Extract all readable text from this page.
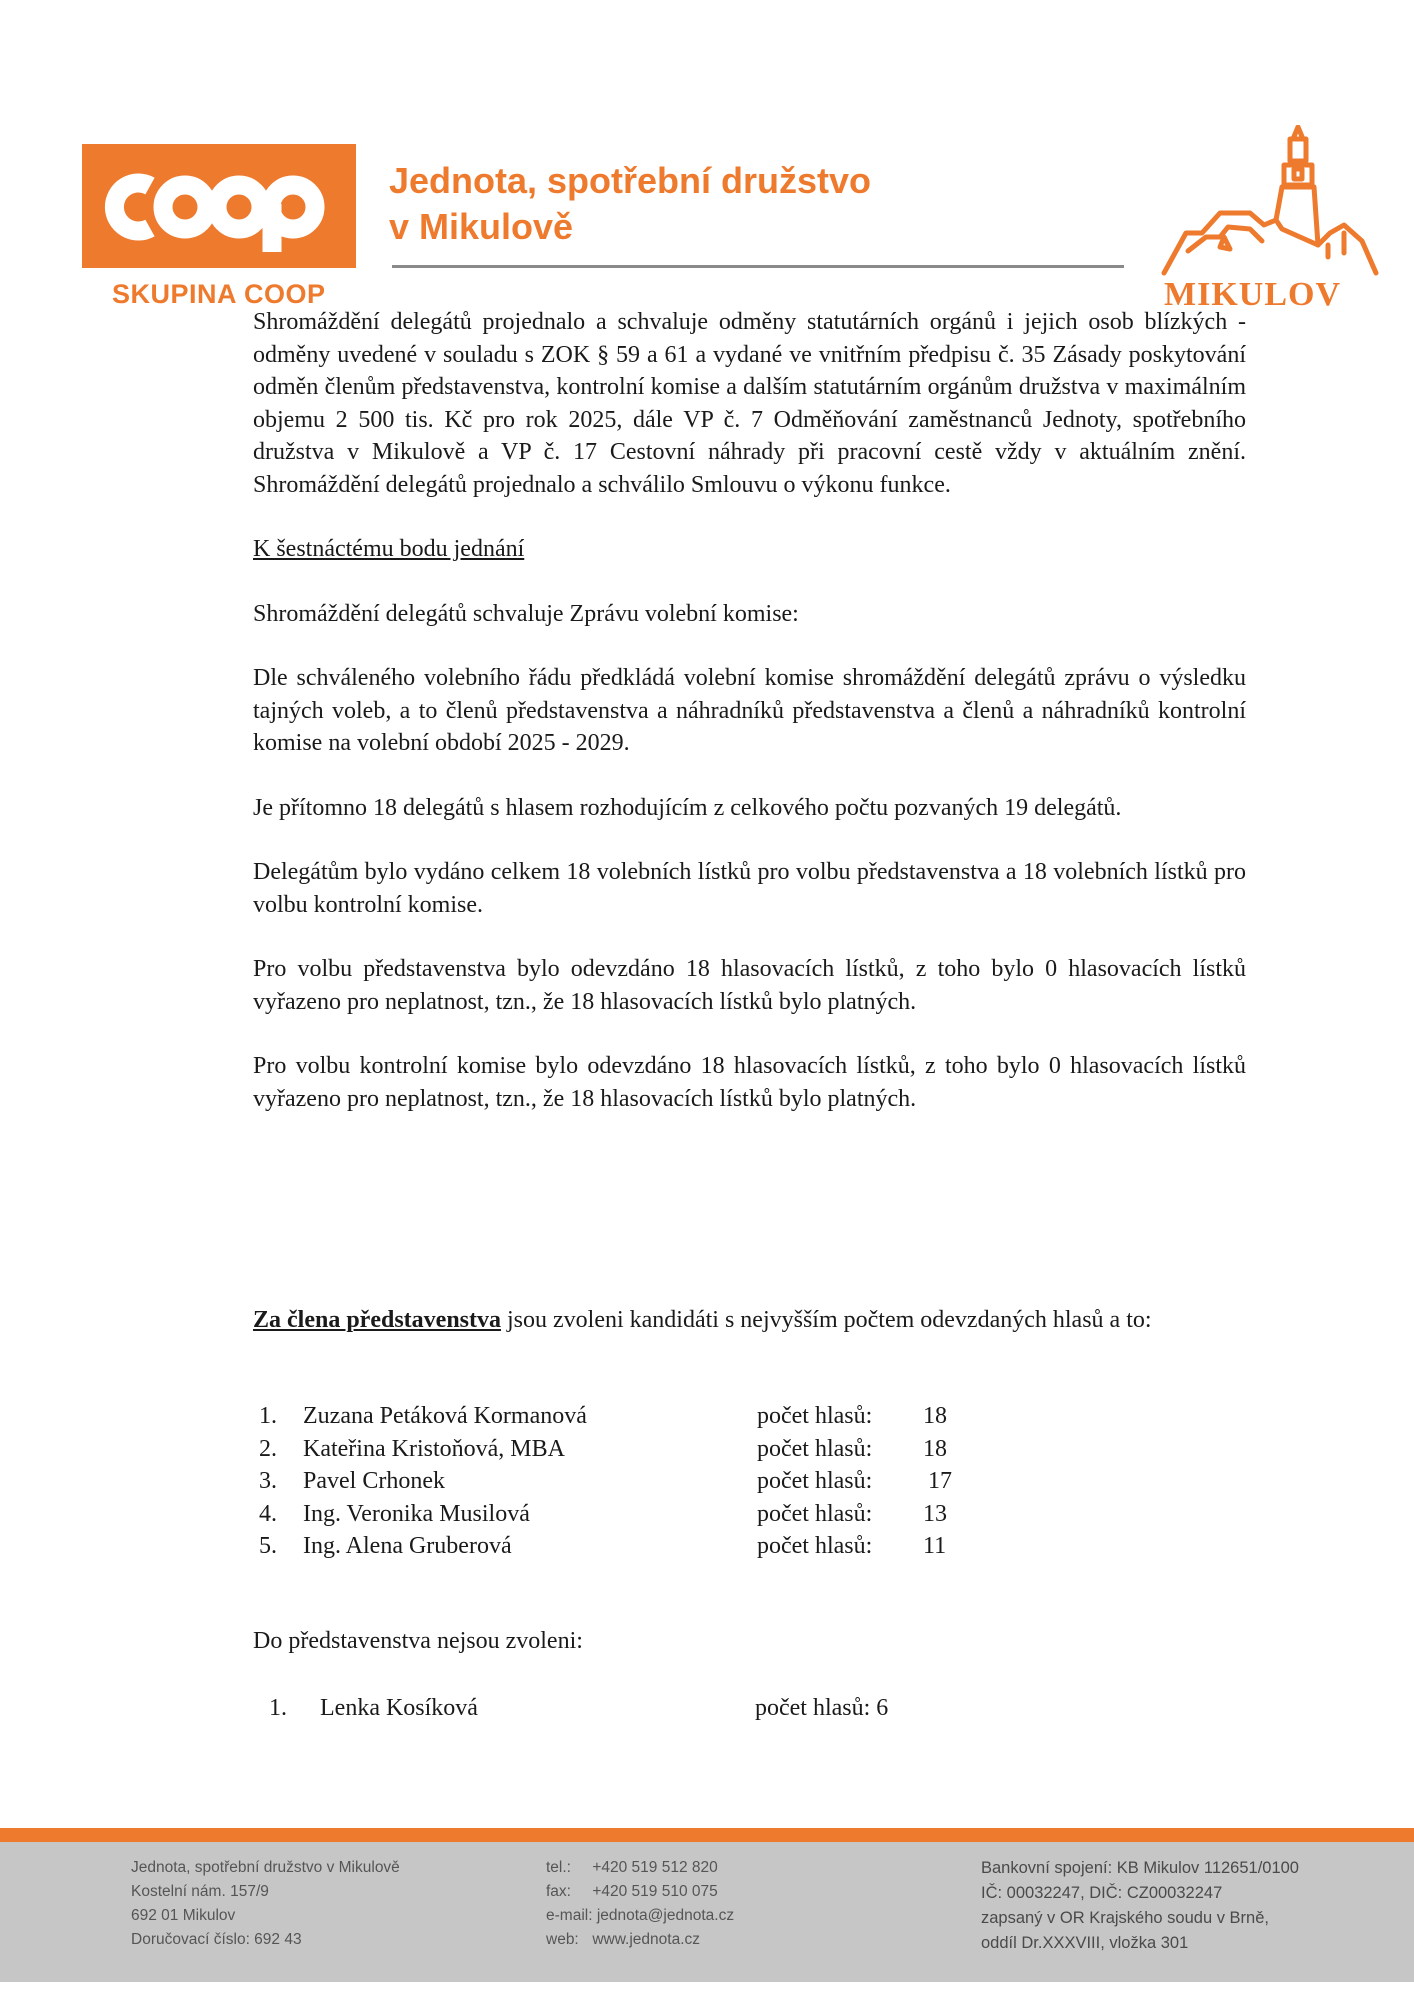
SKUPINA COOP
Jednota, spotřební družstvo
v Mikulově
MIKULOV

Shromáždění delegátů projednalo a schvaluje odměny statutárních orgánů i jejich osob blízkých - odměny uvedené v souladu s ZOK § 59 a 61 a vydané ve vnitřním předpisu č. 35 Zásady poskytování odměn členům představenstva, kontrolní komise a dalším statutárním orgánům družstva v maximálním objemu 2 500 tis. Kč pro rok 2025, dále VP č. 7 Odměňování zaměstnanců Jednoty, spotřebního družstva v Mikulově a VP č. 17 Cestovní náhrady při pracovní cestě vždy v aktuálním znění. Shromáždění delegátů projednalo a schválilo Smlouvu o výkonu funkce.

K šestnáctému bodu jednání

Shromáždění delegátů schvaluje Zprávu volební komise:

Dle schváleného volebního řádu předkládá volební komise shromáždění delegátů zprávu o výsledku tajných voleb, a to členů představenstva a náhradníků představenstva a členů a náhradníků kontrolní komise na volební období 2025 - 2029.

Je přítomno 18 delegátů s hlasem rozhodujícím z celkového počtu pozvaných 19 delegátů.

Delegátům bylo vydáno celkem 18 volebních lístků pro volbu představenstva a 18 volebních lístků pro volbu kontrolní komise.

Pro volbu představenstva bylo odevzdáno 18 hlasovacích lístků, z toho bylo 0 hlasovacích lístků vyřazeno pro neplatnost, tzn., že 18 hlasovacích lístků bylo platných.

Pro volbu kontrolní komise bylo odevzdáno 18 hlasovacích lístků, z toho bylo 0 hlasovacích lístků vyřazeno pro neplatnost, tzn., že 18 hlasovacích lístků bylo platných.

Za člena představenstva jsou zvoleni kandidáti s nejvyšším počtem odevzdaných hlasů a to:

1.	Zuzana Petáková Kormanová	počet hlasů: 18
2.	Kateřina Kristoňová, MBA	počet hlasů: 18
3.	Pavel Crhonek	počet hlasů: 17
4.	Ing. Veronika Musilová	počet hlasů: 13
5.	Ing. Alena Gruberová	počet hlasů: 11

Do představenstva nejsou zvoleni:

1.	Lenka Kosíková	počet hlasů: 6
Jednota, spotřební družstvo v Mikulově
Kostelní nám. 157/9
692 01 Mikulov
Doručovací číslo: 692 43
tel.: +420 519 512 820
fax: +420 519 510 075
e-mail: jednota@jednota.cz
web: www.jednota.cz
Bankovní spojení: KB Mikulov 112651/0100
IČ: 00032247, DIČ: CZ00032247
zapsaný v OR Krajského soudu v Brně,
oddíl Dr.XXXVIII, vložka 301
